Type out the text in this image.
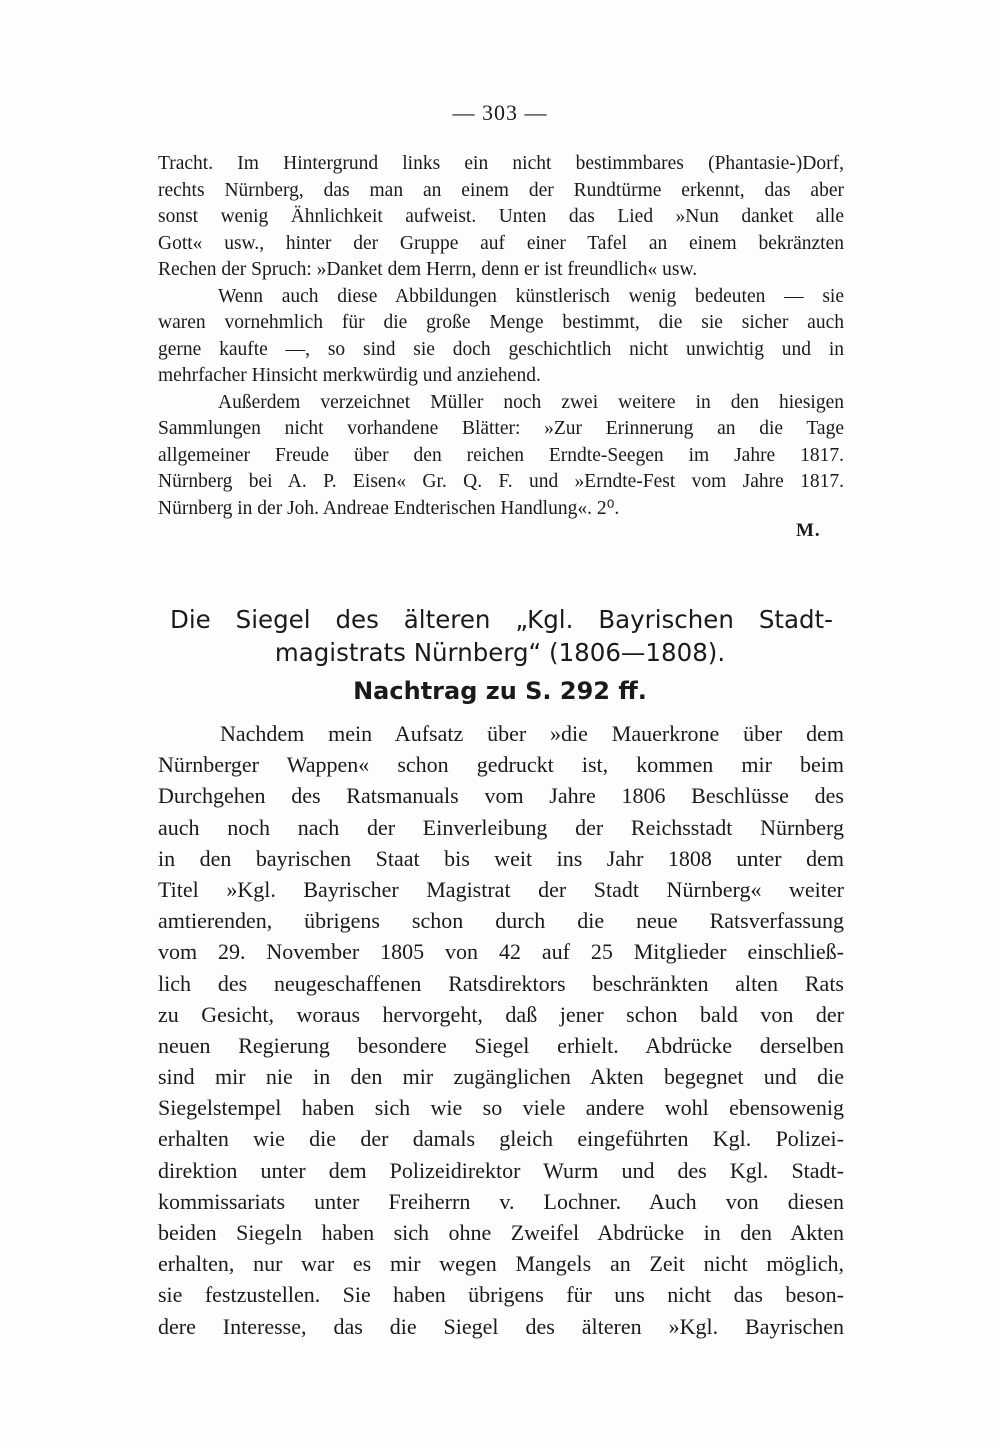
— 303 —
Tracht. Im Hintergrund links ein nicht bestimmbares (Phantasie-)Dorf,
rechts Nürnberg, das man an einem der Rundtürme erkennt, das aber
sonst wenig Ähnlichkeit aufweist. Unten das Lied »Nun danket alle
Gott« usw., hinter der Gruppe auf einer Tafel an einem bekränzten
Rechen der Spruch: »Danket dem Herrn, denn er ist freundlich« usw.
Wenn auch diese Abbildungen künstlerisch wenig bedeuten — sie
waren vornehmlich für die große Menge bestimmt, die sie sicher auch
gerne kaufte —, so sind sie doch geschichtlich nicht unwichtig und in
mehrfacher Hinsicht merkwürdig und anziehend.
Außerdem verzeichnet Müller noch zwei weitere in den hiesigen
Sammlungen nicht vorhandene Blätter: »Zur Erinnerung an die Tage
allgemeiner Freude über den reichen Erndte-Seegen im Jahre 1817.
Nürnberg bei A. P. Eisen« Gr. Q. F. und »Erndte-Fest vom Jahre 1817.
Nürnberg in der Joh. Andreae Endterischen Handlung«. 2⁰.
M.
Die Siegel des älteren „Kgl. Bayrischen Stadt-
magistrats Nürnberg“ (1806—1808).
Nachtrag zu S. 292 ff.
Nachdem mein Aufsatz über »die Mauerkrone über dem
Nürnberger Wappen« schon gedruckt ist, kommen mir beim
Durchgehen des Ratsmanuals vom Jahre 1806 Beschlüsse des
auch noch nach der Einverleibung der Reichsstadt Nürnberg
in den bayrischen Staat bis weit ins Jahr 1808 unter dem
Titel »Kgl. Bayrischer Magistrat der Stadt Nürnberg« weiter
amtierenden, übrigens schon durch die neue Ratsverfassung
vom 29. November 1805 von 42 auf 25 Mitglieder einschließ-
lich des neugeschaffenen Ratsdirektors beschränkten alten Rats
zu Gesicht, woraus hervorgeht, daß jener schon bald von der
neuen Regierung besondere Siegel erhielt. Abdrücke derselben
sind mir nie in den mir zugänglichen Akten begegnet und die
Siegelstempel haben sich wie so viele andere wohl ebensowenig
erhalten wie die der damals gleich eingeführten Kgl. Polizei-
direktion unter dem Polizeidirektor Wurm und des Kgl. Stadt-
kommissariats unter Freiherrn v. Lochner. Auch von diesen
beiden Siegeln haben sich ohne Zweifel Abdrücke in den Akten
erhalten, nur war es mir wegen Mangels an Zeit nicht möglich,
sie festzustellen. Sie haben übrigens für uns nicht das beson-
dere Interesse, das die Siegel des älteren »Kgl. Bayrischen
